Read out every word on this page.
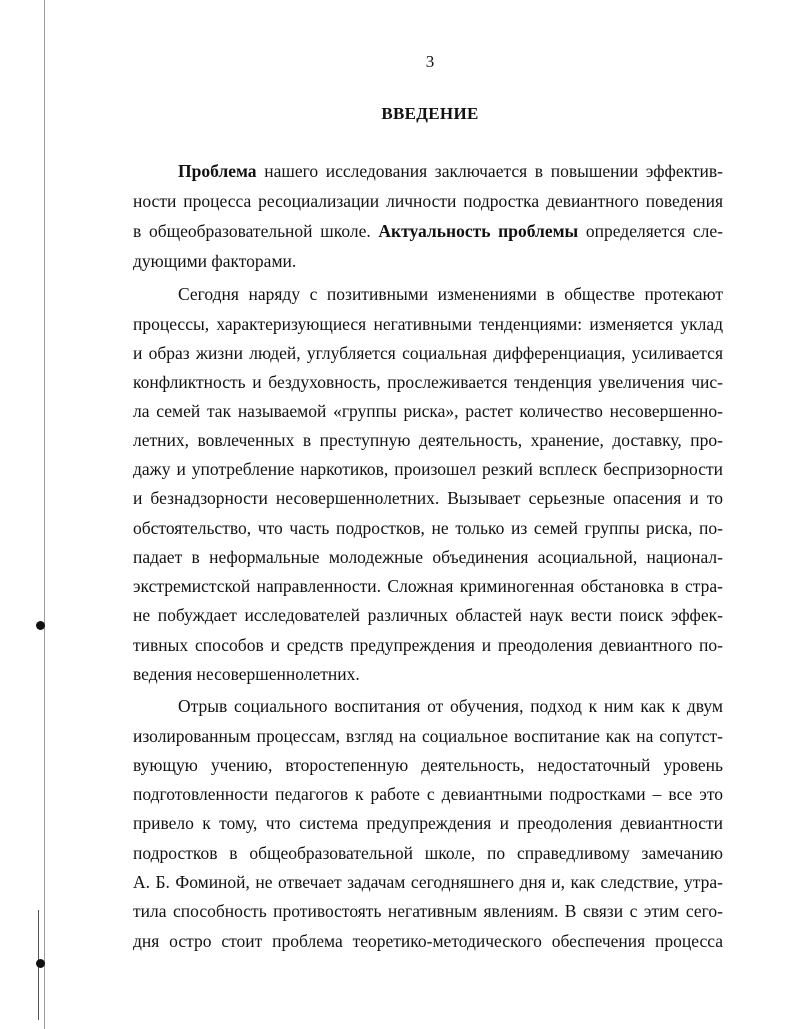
3
ВВЕДЕНИЕ
Проблема нашего исследования заключается в повышении эффектив-
ности процесса ресоциализации личности подростка девиантного поведения
в общеобразовательной школе. Актуальность проблемы определяется сле-
дующими факторами.
Сегодня наряду с позитивными изменениями в обществе протекают
процессы, характеризующиеся негативными тенденциями: изменяется уклад
и образ жизни людей, углубляется социальная дифференциация, усиливается
конфликтность и бездуховность, прослеживается тенденция увеличения чис-
ла семей так называемой «группы риска», растет количество несовершенно-
летних, вовлеченных в преступную деятельность, хранение, доставку, про-
дажу и употребление наркотиков, произошел резкий всплеск беспризорности
и безнадзорности несовершеннолетних. Вызывает серьезные опасения и то
обстоятельство, что часть подростков, не только из семей группы риска, по-
падает в неформальные молодежные объединения асоциальной, национал-
экстремистской направленности. Сложная криминогенная обстановка в стра-
не побуждает исследователей различных областей наук вести поиск эффек-
тивных способов и средств предупреждения и преодоления девиантного по-
ведения несовершеннолетних.
Отрыв социального воспитания от обучения, подход к ним как к двум
изолированным процессам, взгляд на социальное воспитание как на сопутст-
вующую учению, второстепенную деятельность, недостаточный уровень
подготовленности педагогов к работе с девиантными подростками – все это
привело к тому, что система предупреждения и преодоления девиантности
подростков в общеобразовательной школе, по справедливому замечанию
А. Б. Фоминой, не отвечает задачам сегодняшнего дня и, как следствие, утра-
тила способность противостоять негативным явлениям. В связи с этим сего-
дня остро стоит проблема теоретико-методического обеспечения процесса
